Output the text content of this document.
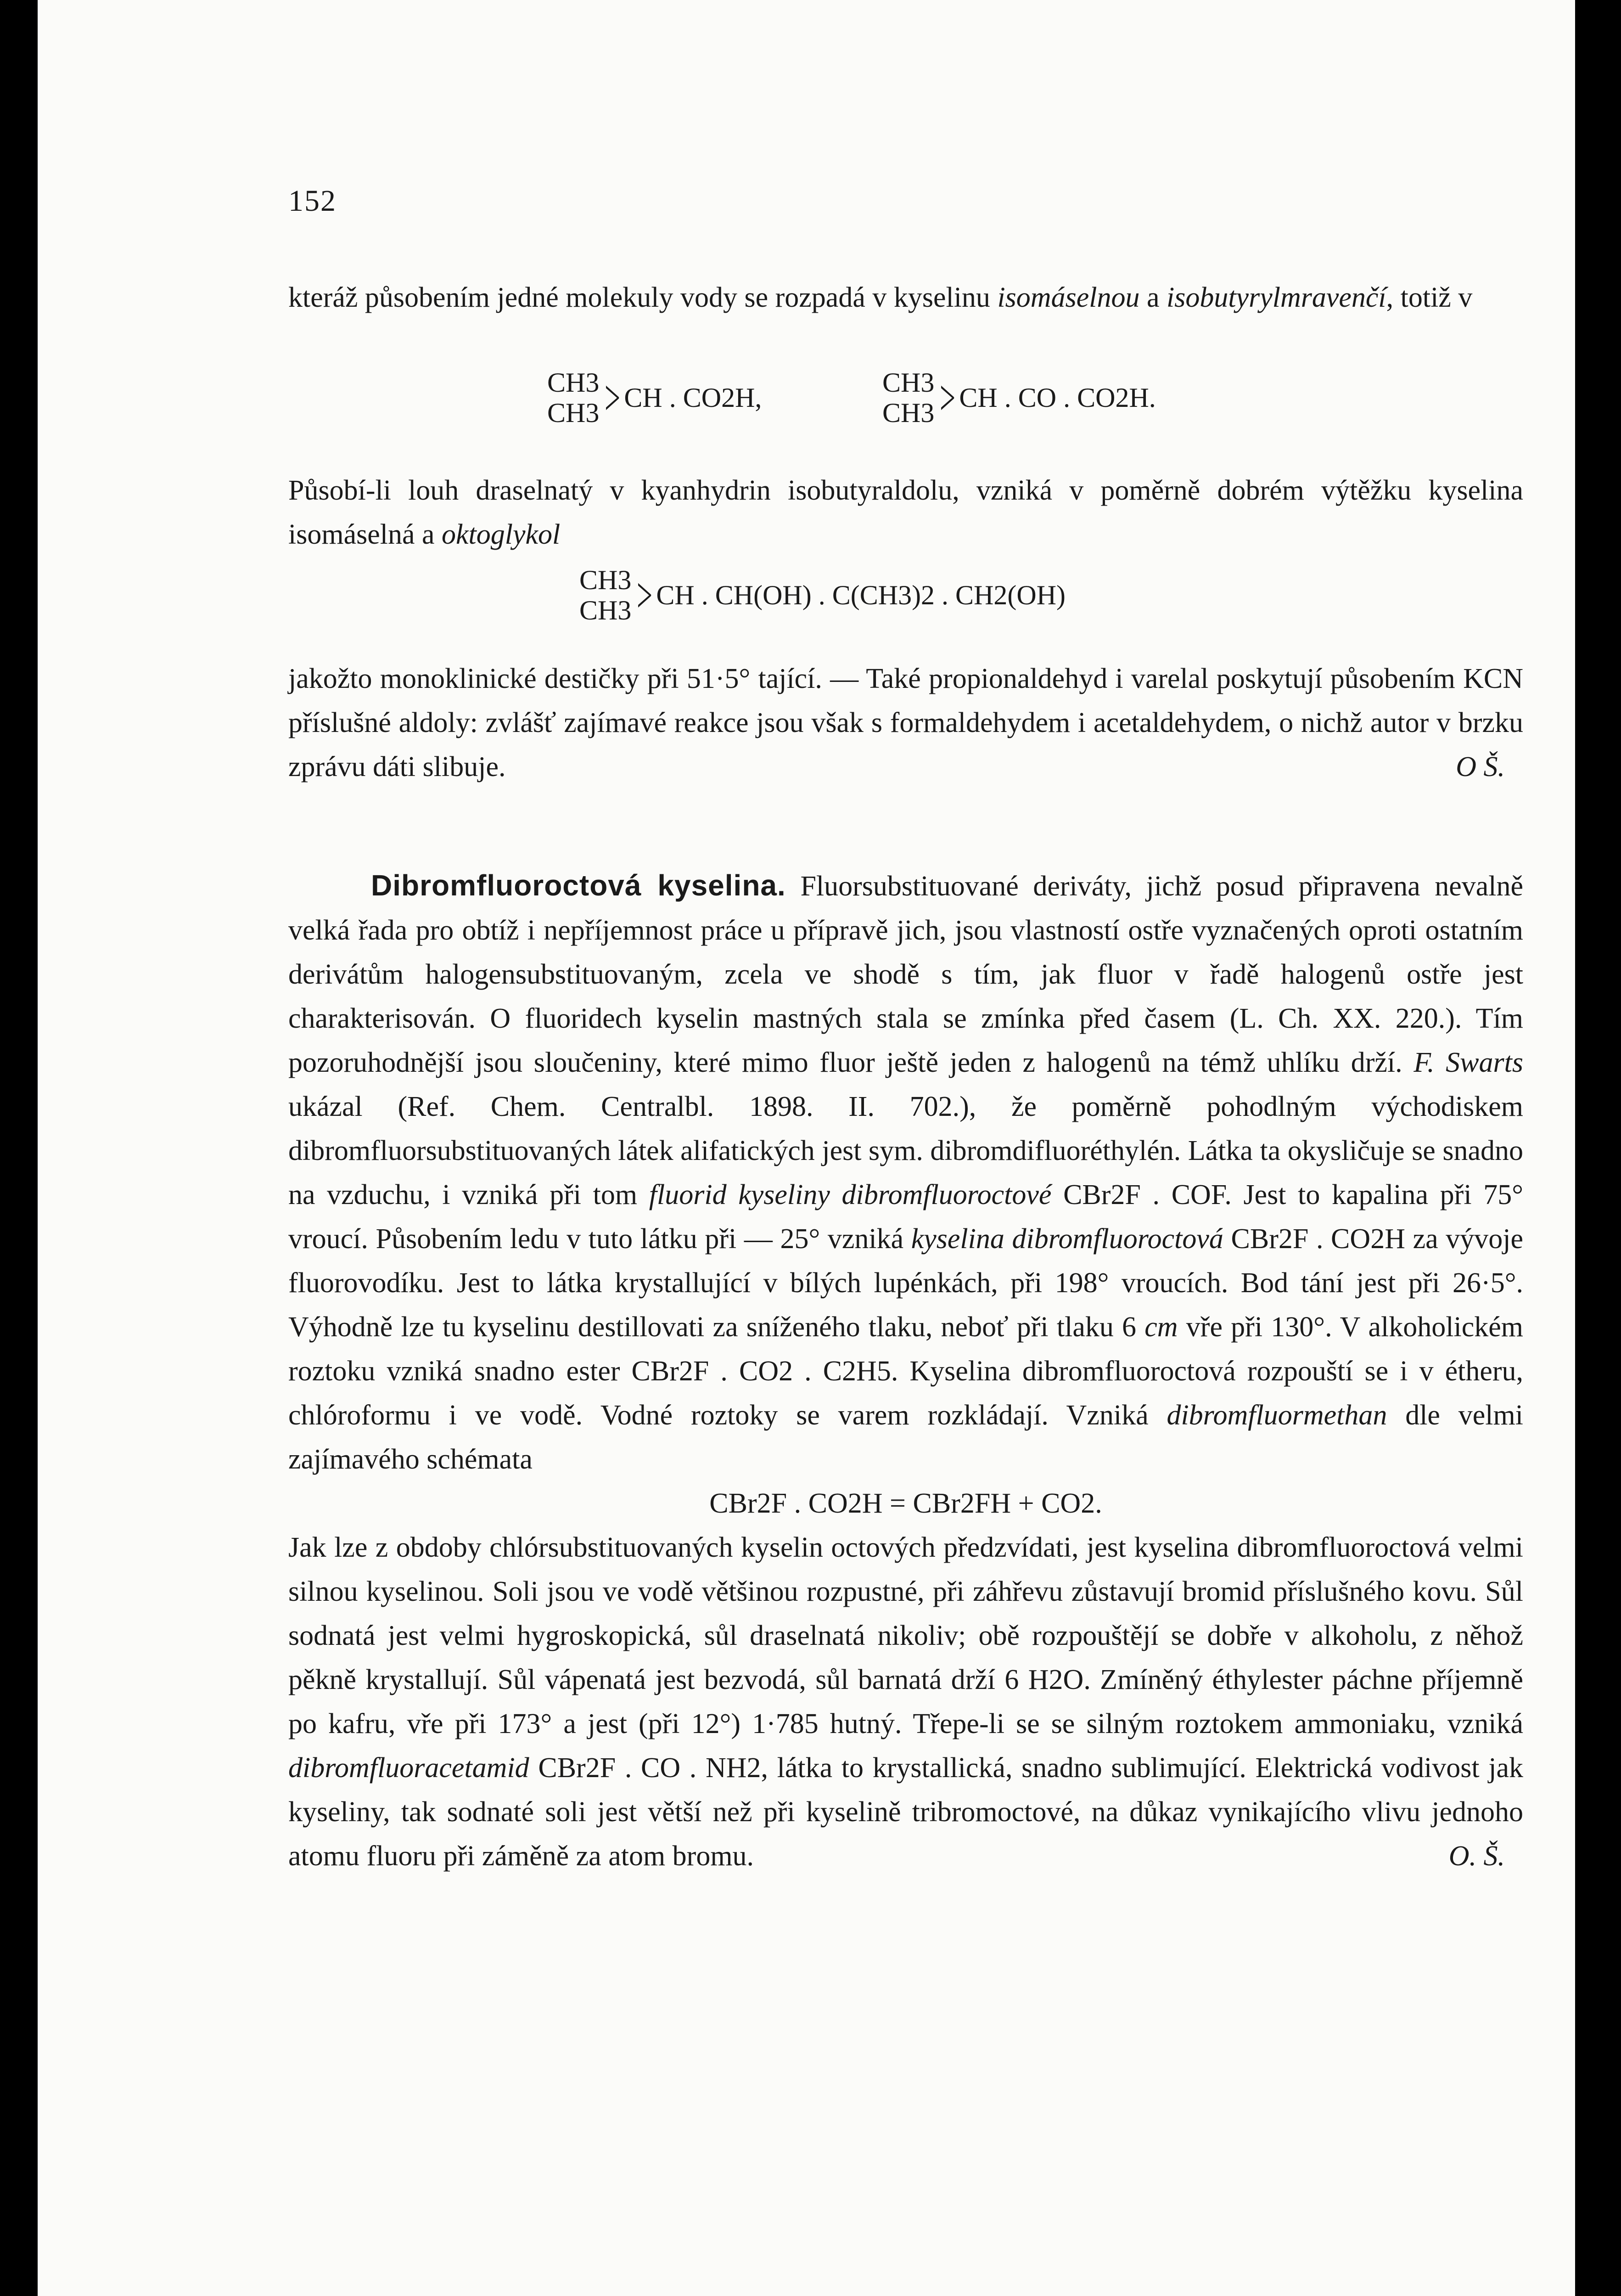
152

kteráž působením jedné molekuly vody se rozpadá v kyselinu isomáselnou a isobutyrylmravenčí, totiž v

CH3
CH3 > CH . CO2H,	CH3
CH3 > CH . CO . CO2H.

Působí-li louh draselnatý v kyanhydrin isobutyraldolu, vzniká v poměrně dobrém výtěžku kyselina isomáselná a oktoglykol

CH3
CH3 > CH . CH(OH) . C(CH3)2 . CH2(OH)

jakožto monoklinické destičky při 51·5° tající. — Také propionaldehyd i varelal poskytují působením KCN příslušné aldoly: zvlášť zajímavé reakce jsou však s formaldehydem i acetaldehydem, o nichž autor v brzku zprávu dáti slibuje.	O Š.

Dibromfluoroctová kyselina. Fluorsubstituované deriváty, jichž posud připravena nevalně velká řada pro obtíž i nepříjemnost práce u přípravě jich, jsou vlastností ostře vyznačených oproti ostatním derivátům halogensubstituovaným, zcela ve shodě s tím, jak fluor v řadě halogenů ostře jest charakterisován. O fluoridech kyselin mastných stala se zmínka před časem (L. Ch. XX. 220.). Tím pozoruhodnější jsou sloučeniny, které mimo fluor ještě jeden z halogenů na témž uhlíku drží. F. Swarts ukázal (Ref. Chem. Centralbl. 1898. II. 702.), že poměrně pohodlným východiskem dibromfluorsubstituovaných látek alifatických jest sym. dibromdifluoréthylén. Látka ta okysličuje se snadno na vzduchu, i vzniká při tom fluorid kyseliny dibromfluoroctové CBr2F . COF. Jest to kapalina při 75° vroucí. Působením ledu v tuto látku při — 25° vzniká kyselina dibromfluoroctová CBr2F . CO2H za vývoje fluorovodíku. Jest to látka krystallující v bílých lupénkách, při 198° vroucích. Bod tání jest při 26·5°. Výhodně lze tu kyselinu destillovati za sníženého tlaku, neboť při tlaku 6 cm vře při 130°. V alkoholickém roztoku vzniká snadno ester CBr2F . CO2 . C2H5. Kyselina dibromfluoroctová rozpouští se i v étheru, chlóroformu i ve vodě. Vodné roztoky se varem rozkládají. Vzniká dibromfluormethan dle velmi zajímavého schémata

CBr2F . CO2H = CBr2FH + CO2.

Jak lze z obdoby chlórsubstituovaných kyselin octových předzvídati, jest kyselina dibromfluoroctová velmi silnou kyselinou. Soli jsou ve vodě většinou rozpustné, při záhřevu zůstavují bromid příslušného kovu. Sůl sodnatá jest velmi hygroskopická, sůl draselnatá nikoliv; obě rozpouštějí se dobře v alkoholu, z něhož pěkně krystallují. Sůl vápenatá jest bezvodá, sůl barnatá drží 6 H2O. Zmíněný éthylester páchne příjemně po kafru, vře při 173° a jest (při 12°) 1·785 hutný. Třepe-li se se silným roztokem ammoniaku, vzniká dibromfluoracetamid CBr2F . CO . NH2, látka to krystallická, snadno sublimující. Elektrická vodivost jak kyseliny, tak sodnaté soli jest větší než při kyselině tribromoctové, na důkaz vynikajícího vlivu jednoho atomu fluoru při záměně za atom bromu.	O. Š.
